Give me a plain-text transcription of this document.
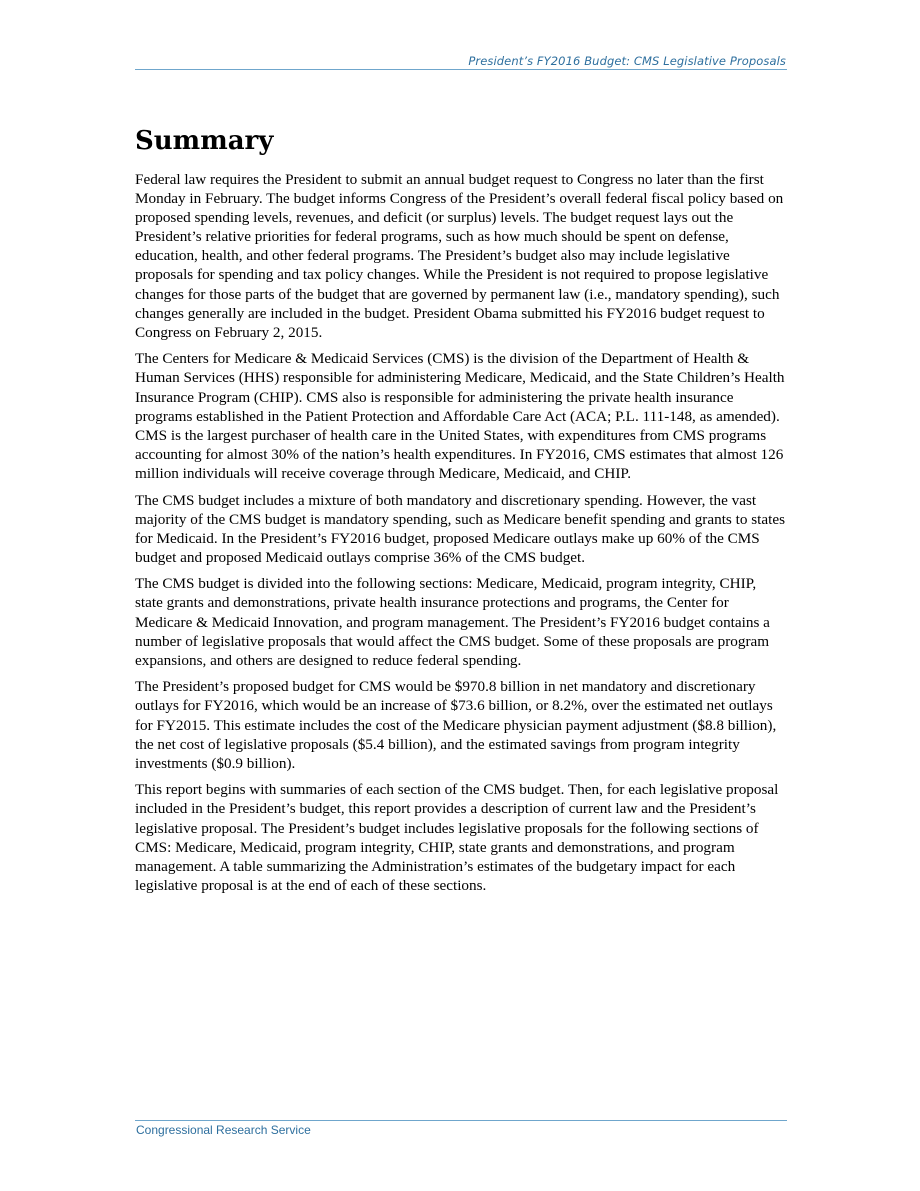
President’s FY2016 Budget: CMS Legislative Proposals
Summary

Federal law requires the President to submit an annual budget request to Congress no later than the first Monday in February. The budget informs Congress of the President’s overall federal fiscal policy based on proposed spending levels, revenues, and deficit (or surplus) levels. The budget request lays out the President’s relative priorities for federal programs, such as how much should be spent on defense, education, health, and other federal programs. The President’s budget also may include legislative proposals for spending and tax policy changes. While the President is not required to propose legislative changes for those parts of the budget that are governed by permanent law (i.e., mandatory spending), such changes generally are included in the budget. President Obama submitted his FY2016 budget request to Congress on February 2, 2015.

The Centers for Medicare & Medicaid Services (CMS) is the division of the Department of Health & Human Services (HHS) responsible for administering Medicare, Medicaid, and the State Children’s Health Insurance Program (CHIP). CMS also is responsible for administering the private health insurance programs established in the Patient Protection and Affordable Care Act (ACA; P.L. 111-148, as amended). CMS is the largest purchaser of health care in the United States, with expenditures from CMS programs accounting for almost 30% of the nation’s health expenditures. In FY2016, CMS estimates that almost 126 million individuals will receive coverage through Medicare, Medicaid, and CHIP.

The CMS budget includes a mixture of both mandatory and discretionary spending. However, the vast majority of the CMS budget is mandatory spending, such as Medicare benefit spending and grants to states for Medicaid. In the President’s FY2016 budget, proposed Medicare outlays make up 60% of the CMS budget and proposed Medicaid outlays comprise 36% of the CMS budget.

The CMS budget is divided into the following sections: Medicare, Medicaid, program integrity, CHIP, state grants and demonstrations, private health insurance protections and programs, the Center for Medicare & Medicaid Innovation, and program management. The President’s FY2016 budget contains a number of legislative proposals that would affect the CMS budget. Some of these proposals are program expansions, and others are designed to reduce federal spending.

The President’s proposed budget for CMS would be $970.8 billion in net mandatory and discretionary outlays for FY2016, which would be an increase of $73.6 billion, or 8.2%, over the estimated net outlays for FY2015. This estimate includes the cost of the Medicare physician payment adjustment ($8.8 billion), the net cost of legislative proposals ($5.4 billion), and the estimated savings from program integrity investments ($0.9 billion).

This report begins with summaries of each section of the CMS budget. Then, for each legislative proposal included in the President’s budget, this report provides a description of current law and the President’s legislative proposal. The President’s budget includes legislative proposals for the following sections of CMS: Medicare, Medicaid, program integrity, CHIP, state grants and demonstrations, and program management. A table summarizing the Administration’s estimates of the budgetary impact for each legislative proposal is at the end of each of these sections.

Congressional Research Service
